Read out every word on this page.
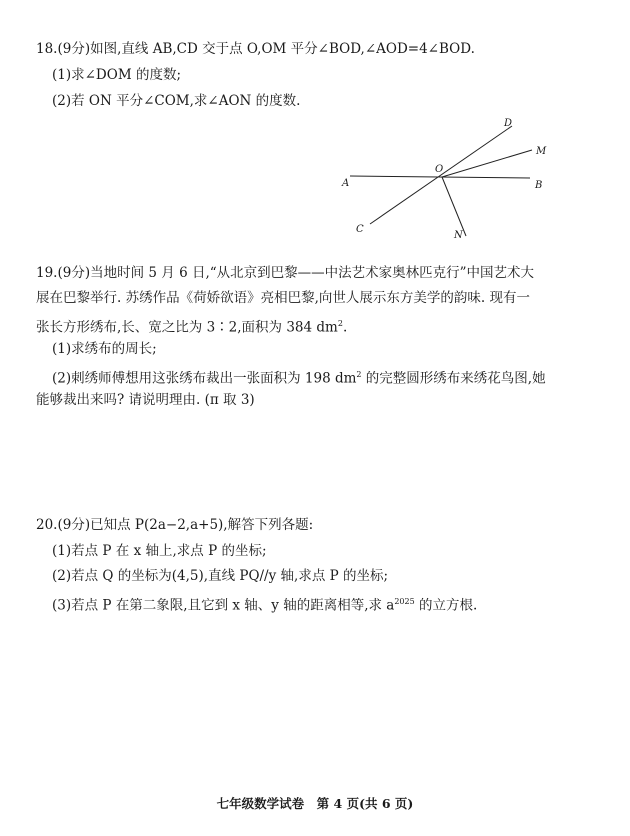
18.(9分)如图,直线 AB,CD 交于点 O,OM 平分∠BOD,∠AOD=4∠BOD.
(1)求∠DOM 的度数;
(2)若 ON 平分∠COM,求∠AON 的度数.
A	B
C
D
M
N
O
19.(9分)当地时间 5 月 6 日,“从北京到巴黎——中法艺术家奥林匹克行”中国艺术大
展在巴黎举行. 苏绣作品《荷娇欲语》亮相巴黎,向世人展示东方美学的韵味. 现有一
张长方形绣布,长、宽之比为 3∶2,面积为 384 $dm^2$.
(1)求绣布的周长;
(2)刺绣师傅想用这张绣布裁出一张面积为 198 $dm^2$ 的完整圆形绣布来绣花鸟图,她
能够裁出来吗? 请说明理由. (π 取 3)
20.(9分)已知点 P(2a−2,a+5),解答下列各题:
(1)若点 P 在 x 轴上,求点 P 的坐标;
(2)若点 Q 的坐标为(4,5),直线 PQ//y 轴,求点 P 的坐标;
(3)若点 P 在第二象限,且它到 x 轴、y 轴的距离相等,求 $a^{2025}$ 的立方根.
七年级数学试卷　第 4 页(共 6 页)
